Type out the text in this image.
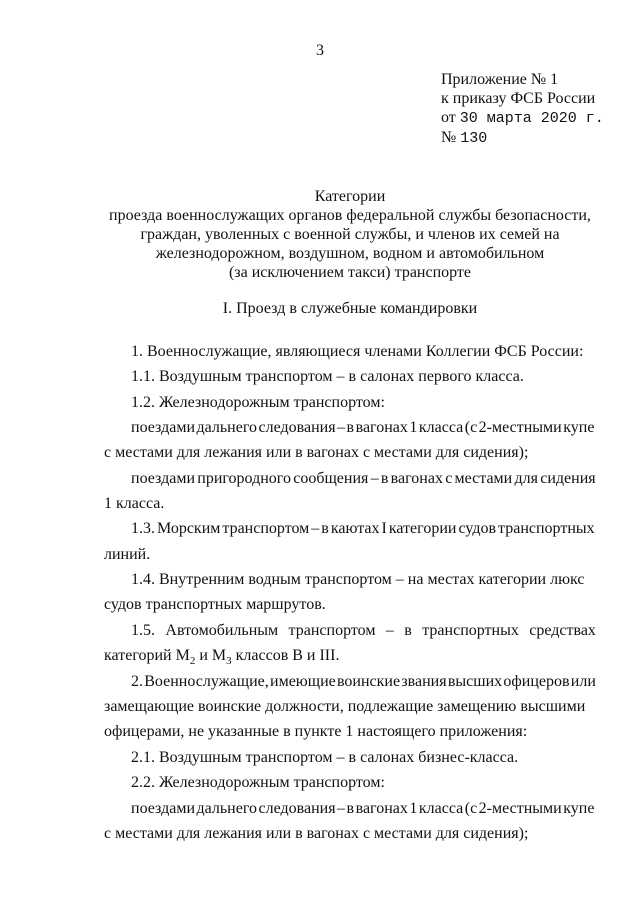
3
Приложение № 1
к приказу ФСБ России
от 30 марта 2020 г.
№ 130
Категории
проезда военнослужащих органов федеральной службы безопасности,
граждан, уволенных с военной службы, и членов их семей на
железнодорожном, воздушном, водном и автомобильном
(за исключением такси) транспорте
I. Проезд в служебные командировки
1. Военнослужащие, являющиеся членами Коллегии ФСБ России:
1.1. Воздушным транспортом – в салонах первого класса.
1.2. Железнодорожным транспортом:
поездами дальнего следования – в вагонах 1 класса (с 2-местными купе
с местами для лежания или в вагонах с местами для сидения);
поездами пригородного сообщения – в вагонах с местами для сидения
1 класса.
1.3. Морским транспортом – в каютах I категории судов транспортных
линий.
1.4. Внутренним водным транспортом – на местах категории люкс
судов транспортных маршрутов.
1.5. Автомобильным транспортом – в транспортных средствах
категорий $M_2$ и $M_3$ классов B и III.
2. Военнослужащие, имеющие воинские звания высших офицеров или
замещающие воинские должности, подлежащие замещению высшими
офицерами, не указанные в пункте 1 настоящего приложения:
2.1. Воздушным транспортом – в салонах бизнес-класса.
2.2. Железнодорожным транспортом:
поездами дальнего следования – в вагонах 1 класса (с 2-местными купе
с местами для лежания или в вагонах с местами для сидения);
